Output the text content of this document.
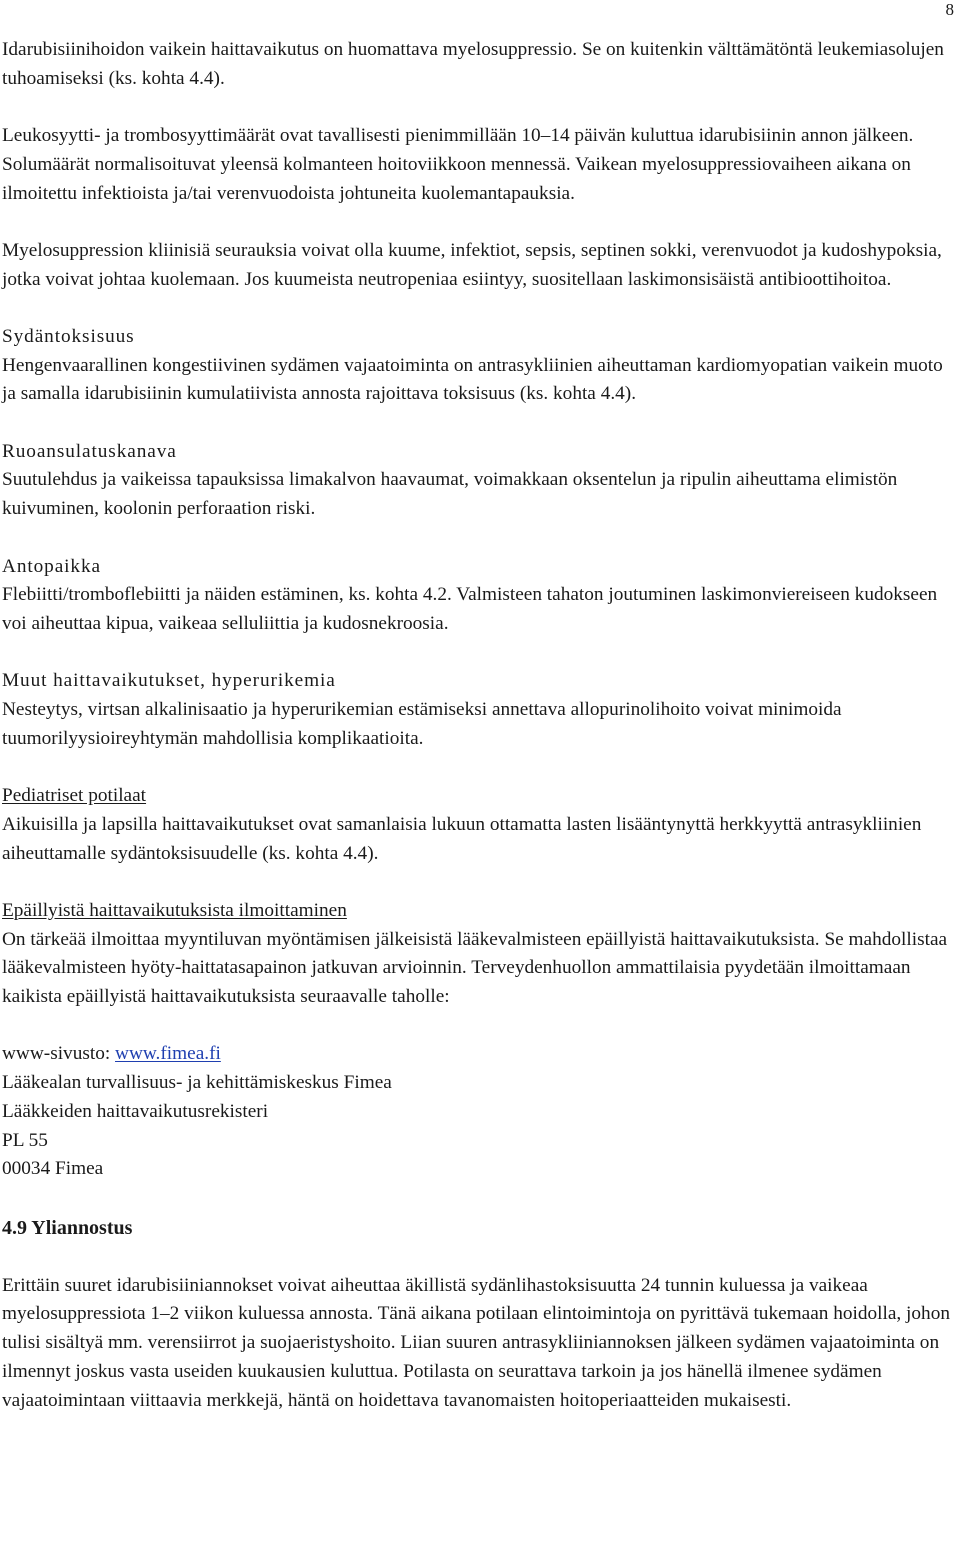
8

Idarubisiinihoidon vaikein haittavaikutus on huomattava myelosuppressio. Se on kuitenkin välttämätöntä leukemiasolujen tuhoamiseksi (ks. kohta 4.4).

Leukosyytti- ja trombosyyttimäärät ovat tavallisesti pienimmillään 10–14 päivän kuluttua idarubisiinin annon jälkeen. Solumäärät normalisoituvat yleensä kolmanteen hoitoviikkoon mennessä. Vaikean myelosuppressiovaiheen aikana on ilmoitettu infektioista ja/tai verenvuodoista johtuneita kuolemantapauksia.

Myelosuppression kliinisiä seurauksia voivat olla kuume, infektiot, sepsis, septinen sokki, verenvuodot ja kudoshypoksia, jotka voivat johtaa kuolemaan. Jos kuumeista neutropeniaa esiintyy, suositellaan laskimonsisäistä antibioottihoitoa.

Sydäntoksisuus

Hengenvaarallinen kongestiivinen sydämen vajaatoiminta on antrasykliinien aiheuttaman kardiomyopatian vaikein muoto ja samalla idarubisiinin kumulatiivista annosta rajoittava toksisuus (ks. kohta 4.4).

Ruoansulatuskanava

Suutulehdus ja vaikeissa tapauksissa limakalvon haavaumat, voimakkaan oksentelun ja ripulin aiheuttama elimistön kuivuminen, koolonin perforaation riski.

Antopaikka

Flebiitti/tromboflebiitti ja näiden estäminen, ks. kohta 4.2. Valmisteen tahaton joutuminen laskimonviereiseen kudokseen voi aiheuttaa kipua, vaikeaa selluliittia ja kudosnekroosia.

Muut haittavaikutukset, hyperurikemia

Nesteytys, virtsan alkalinisaatio ja hyperurikemian estämiseksi annettava allopurinolihoito voivat minimoida tuumorilyysioireyhtymän mahdollisia komplikaatioita.

Pediatriset potilaat

Aikuisilla ja lapsilla haittavaikutukset ovat samanlaisia lukuun ottamatta lasten lisääntynyttä herkkyyttä antrasykliinien aiheuttamalle sydäntoksisuudelle (ks. kohta 4.4).

Epäillyistä haittavaikutuksista ilmoittaminen

On tärkeää ilmoittaa myyntiluvan myöntämisen jälkeisistä lääkevalmisteen epäillyistä haittavaikutuksista. Se mahdollistaa lääkevalmisteen hyöty-haittatasapainon jatkuvan arvioinnin. Terveydenhuollon ammattilaisia pyydetään ilmoittamaan kaikista epäillyistä haittavaikutuksista seuraavalle taholle:

www-sivusto: www.fimea.fi

Lääkealan turvallisuus- ja kehittämiskeskus Fimea

Lääkkeiden haittavaikutusrekisteri

PL 55

00034 Fimea

4.9 Yliannostus

Erittäin suuret idarubisiiniannokset voivat aiheuttaa äkillistä sydänlihastoksisuutta 24 tunnin kuluessa ja vaikeaa myelosuppressiota 1–2 viikon kuluessa annosta. Tänä aikana potilaan elintoimintoja on pyrittävä tukemaan hoidolla, johon tulisi sisältyä mm. verensiirrot ja suojaeristyshoito. Liian suuren antrasykliiniannoksen jälkeen sydämen vajaatoiminta on ilmennyt joskus vasta useiden kuukausien kuluttua. Potilasta on seurattava tarkoin ja jos hänellä ilmenee sydämen vajaatoimintaan viittaavia merkkejä, häntä on hoidettava tavanomaisten hoitoperiaatteiden mukaisesti.
